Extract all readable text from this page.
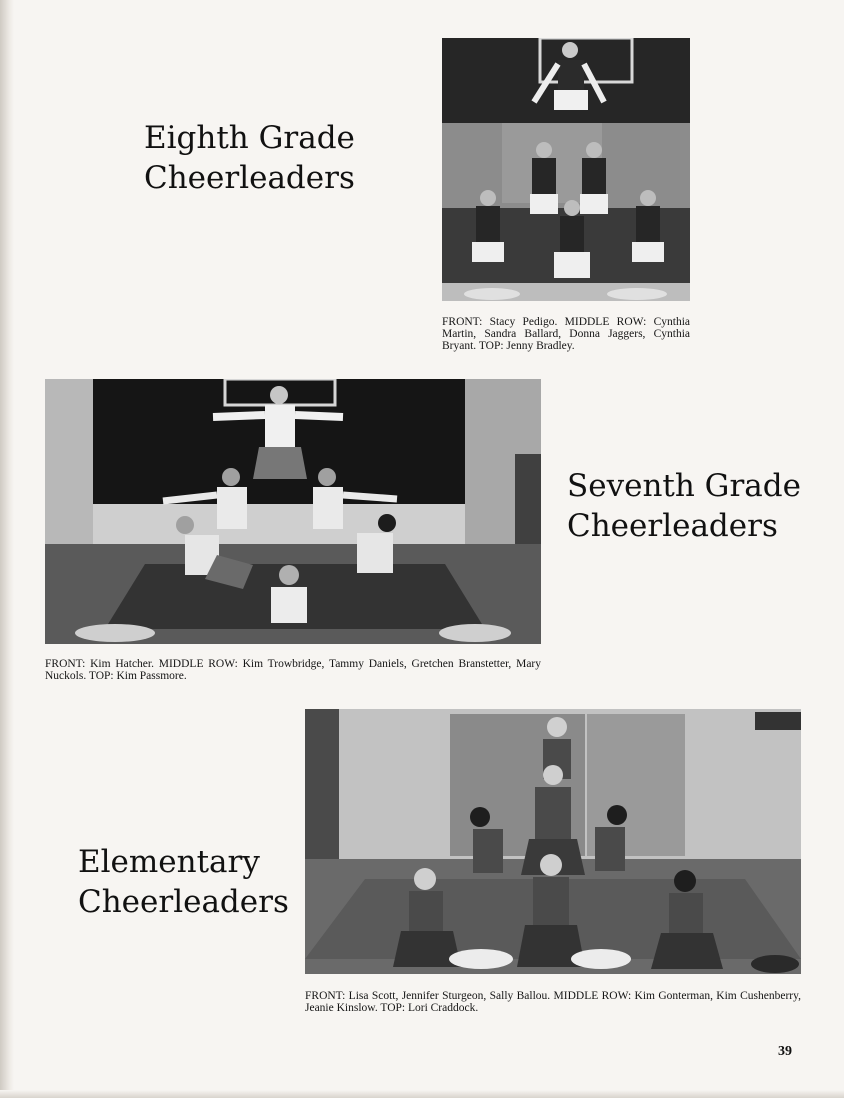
Eighth Grade
Cheerleaders

FRONT: Stacy Pedigo. MIDDLE ROW: Cynthia Martin, Sandra Ballard, Donna Jaggers, Cynthia Bryant. TOP: Jenny Bradley.

Seventh Grade
Cheerleaders

FRONT: Kim Hatcher. MIDDLE ROW: Kim Trowbridge, Tammy Daniels, Gretchen Branstetter, Mary Nuckols. TOP: Kim Passmore.

Elementary
Cheerleaders

FRONT: Lisa Scott, Jennifer Sturgeon, Sally Ballou. MIDDLE ROW: Kim Gonterman, Kim Cushenberry, Jeanie Kinslow. TOP: Lori Craddock.

39
